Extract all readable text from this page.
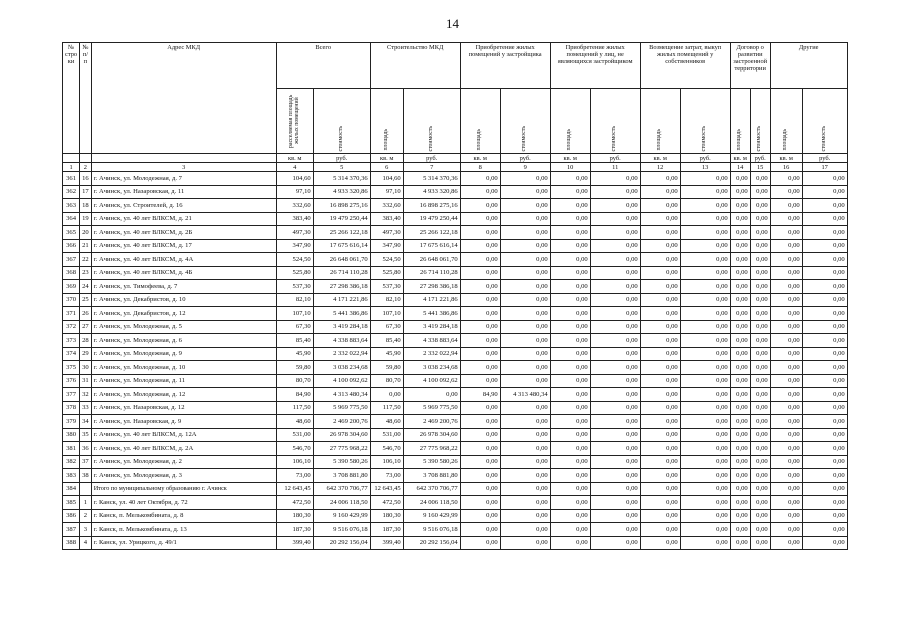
14
№ стро ки	№ п/п	Адрес МКД	Всего		Строительство МКД		Приобретение жилых помещений у застройщика		Приобретение жилых помещений у лиц, не являющихся застройщиком		Возмещение затрат, выкуп жилых помещений у собственников		Договор о развитии застроенной территории		Другие	
			расселяемая площадь жилых помещений	стоимость	площадь	стоимость	площадь	стоимость	площадь	стоимость	площадь	стоимость	площадь	стоимость	площадь	стоимость
			кв. м	руб.	кв. м	руб.	кв. м	руб.	кв. м	руб.	кв. м	руб.	кв. м	руб.	кв. м	руб.
1	2	3	4	5	6	7	8	9	10	11	12	13	14	15	16	17
361	16	г. Ачинск, ул. Молодежная, д. 7	104,60	5 314 370,36	104,60	5 314 370,36	0,00	0,00	0,00	0,00	0,00	0,00	0,00	0,00	0,00	0,00
362	17	г. Ачинск, ул. Назаровская, д. 11	97,10	4 933 320,86	97,10	4 933 320,86	0,00	0,00	0,00	0,00	0,00	0,00	0,00	0,00	0,00	0,00
363	18	г. Ачинск, ул. Строителей, д. 16	332,60	16 898 275,16	332,60	16 898 275,16	0,00	0,00	0,00	0,00	0,00	0,00	0,00	0,00	0,00	0,00
364	19	г. Ачинск, ул. 40 лет ВЛКСМ, д. 21	383,40	19 479 250,44	383,40	19 479 250,44	0,00	0,00	0,00	0,00	0,00	0,00	0,00	0,00	0,00	0,00
365	20	г. Ачинск, ул. 40 лет ВЛКСМ, д. 2Б	497,30	25 266 122,18	497,30	25 266 122,18	0,00	0,00	0,00	0,00	0,00	0,00	0,00	0,00	0,00	0,00
366	21	г. Ачинск, ул. 40 лет ВЛКСМ, д. 17	347,90	17 675 616,14	347,90	17 675 616,14	0,00	0,00	0,00	0,00	0,00	0,00	0,00	0,00	0,00	0,00
367	22	г. Ачинск, ул. 40 лет ВЛКСМ, д. 4А	524,50	26 648 061,70	524,50	26 648 061,70	0,00	0,00	0,00	0,00	0,00	0,00	0,00	0,00	0,00	0,00
368	23	г. Ачинск, ул. 40 лет ВЛКСМ, д. 4Б	525,80	26 714 110,28	525,80	26 714 110,28	0,00	0,00	0,00	0,00	0,00	0,00	0,00	0,00	0,00	0,00
369	24	г. Ачинск, ул. Тимофеева, д. 7	537,30	27 298 386,18	537,30	27 298 386,18	0,00	0,00	0,00	0,00	0,00	0,00	0,00	0,00	0,00	0,00
370	25	г. Ачинск, ул. Декабристов, д. 10	82,10	4 171 221,86	82,10	4 171 221,86	0,00	0,00	0,00	0,00	0,00	0,00	0,00	0,00	0,00	0,00
371	26	г. Ачинск, ул. Декабристов, д. 12	107,10	5 441 386,86	107,10	5 441 386,86	0,00	0,00	0,00	0,00	0,00	0,00	0,00	0,00	0,00	0,00
372	27	г. Ачинск, ул. Молодежная, д. 5	67,30	3 419 284,18	67,30	3 419 284,18	0,00	0,00	0,00	0,00	0,00	0,00	0,00	0,00	0,00	0,00
373	28	г. Ачинск, ул. Молодежная, д. 6	85,40	4 338 883,64	85,40	4 338 883,64	0,00	0,00	0,00	0,00	0,00	0,00	0,00	0,00	0,00	0,00
374	29	г. Ачинск, ул. Молодежная, д. 9	45,90	2 332 022,94	45,90	2 332 022,94	0,00	0,00	0,00	0,00	0,00	0,00	0,00	0,00	0,00	0,00
375	30	г. Ачинск, ул. Молодежная, д. 10	59,80	3 038 234,68	59,80	3 038 234,68	0,00	0,00	0,00	0,00	0,00	0,00	0,00	0,00	0,00	0,00
376	31	г. Ачинск, ул. Молодежная, д. 11	80,70	4 100 092,62	80,70	4 100 092,62	0,00	0,00	0,00	0,00	0,00	0,00	0,00	0,00	0,00	0,00
377	32	г. Ачинск, ул. Молодежная, д. 12	84,90	4 313 480,34	0,00	0,00	84,90	4 313 480,34	0,00	0,00	0,00	0,00	0,00	0,00	0,00	0,00
378	33	г. Ачинск, ул. Назаровская, д. 12	117,50	5 969 775,50	117,50	5 969 775,50	0,00	0,00	0,00	0,00	0,00	0,00	0,00	0,00	0,00	0,00
379	34	г. Ачинск, ул. Назаровская, д. 9	48,60	2 469 200,76	48,60	2 469 200,76	0,00	0,00	0,00	0,00	0,00	0,00	0,00	0,00	0,00	0,00
380	35	г. Ачинск, ул. 40 лет ВЛКСМ, д. 12А	531,00	26 978 304,60	531,00	26 978 304,60	0,00	0,00	0,00	0,00	0,00	0,00	0,00	0,00	0,00	0,00
381	36	г. Ачинск, ул. 40 лет ВЛКСМ, д. 2А	546,70	27 775 968,22	546,70	27 775 968,22	0,00	0,00	0,00	0,00	0,00	0,00	0,00	0,00	0,00	0,00
382	37	г. Ачинск, ул. Молодежная, д. 2	106,10	5 390 580,26	106,10	5 390 580,26	0,00	0,00	0,00	0,00	0,00	0,00	0,00	0,00	0,00	0,00
383	38	г. Ачинск, ул. Молодежная, д. 3	73,00	3 708 881,80	73,00	3 708 881,80	0,00	0,00	0,00	0,00	0,00	0,00	0,00	0,00	0,00	0,00
384		Итого по муниципальному образованию г. Ачинск	12 643,45	642 370 706,77	12 643,45	642 370 706,77	0,00	0,00	0,00	0,00	0,00	0,00	0,00	0,00	0,00	0,00
385	1	г. Канск, ул. 40 лет Октября, д. 72	472,50	24 006 118,50	472,50	24 006 118,50	0,00	0,00	0,00	0,00	0,00	0,00	0,00	0,00	0,00	0,00
386	2	г. Канск, п. Мелькомбината, д. 8	180,30	9 160 429,99	180,30	9 160 429,99	0,00	0,00	0,00	0,00	0,00	0,00	0,00	0,00	0,00	0,00
387	3	г. Канск, п. Мелькомбината, д. 13	187,30	9 516 076,18	187,30	9 516 076,18	0,00	0,00	0,00	0,00	0,00	0,00	0,00	0,00	0,00	0,00
388	4	г. Канск, ул. Урицкого, д. 49/1	399,40	20 292 156,04	399,40	20 292 156,04	0,00	0,00	0,00	0,00	0,00	0,00	0,00	0,00	0,00	0,00
